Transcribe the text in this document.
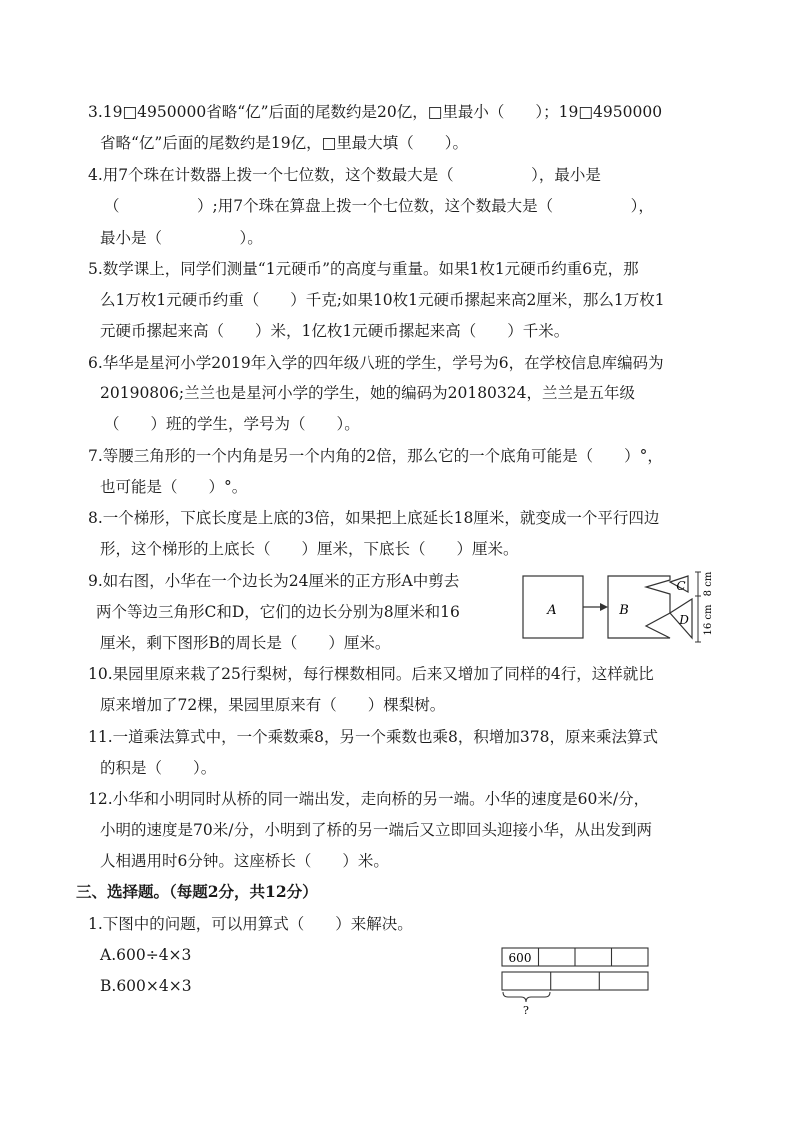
3.19□4950000省略“亿”后面的尾数约是20亿，□里最小（　　）；19□4950000
省略“亿”后面的尾数约是19亿，□里最大填（　　）。
4.用7个珠在计数器上拨一个七位数，这个数最大是（　　　　　），最小是
（　　　　　）;用7个珠在算盘上拨一个七位数，这个数最大是（　　　　　），
最小是（　　　　　）。
5.数学课上，同学们测量“1元硬币”的高度与重量。如果1枚1元硬币约重6克，那
么1万枚1元硬币约重（　　）千克;如果10枚1元硬币摞起来高2厘米，那么1万枚1
元硬币摞起来高（　　）米，1亿枚1元硬币摞起来高（　　）千米。
6.华华是星河小学2019年入学的四年级八班的学生，学号为6，在学校信息库编码为
20190806;兰兰也是星河小学的学生，她的编码为20180324，兰兰是五年级
（　　）班的学生，学号为（　　）。
7.等腰三角形的一个内角是另一个内角的2倍，那么它的一个底角可能是（　　）°，
也可能是（　　）°。
8.一个梯形，下底长度是上底的3倍，如果把上底延长18厘米，就变成一个平行四边
形，这个梯形的上底长（　　）厘米，下底长（　　）厘米。
9.如右图，小华在一个边长为24厘米的正方形A中剪去
两个等边三角形C和D，它们的边长分别为8厘米和16
厘米，剩下图形B的周长是（　　）厘米。
A	B
C
D
8 cm
16 cm
10.果园里原来栽了25行梨树，每行棵数相同。后来又增加了同样的4行，这样就比
原来增加了72棵，果园里原来有（　　）棵梨树。
11.一道乘法算式中，一个乘数乘8，另一个乘数也乘8，积增加378，原来乘法算式
的积是（　　）。
12.小华和小明同时从桥的同一端出发，走向桥的另一端。小华的速度是60米/分，
小明的速度是70米/分，小明到了桥的另一端后又立即回头迎接小华，从出发到两
人相遇用时6分钟。这座桥长（　　）米。
三、选择题。（每题2分，共12分）
1.下图中的问题，可以用算式（　　）来解决。
A.600÷4×3
B.600×4×3
600
?
